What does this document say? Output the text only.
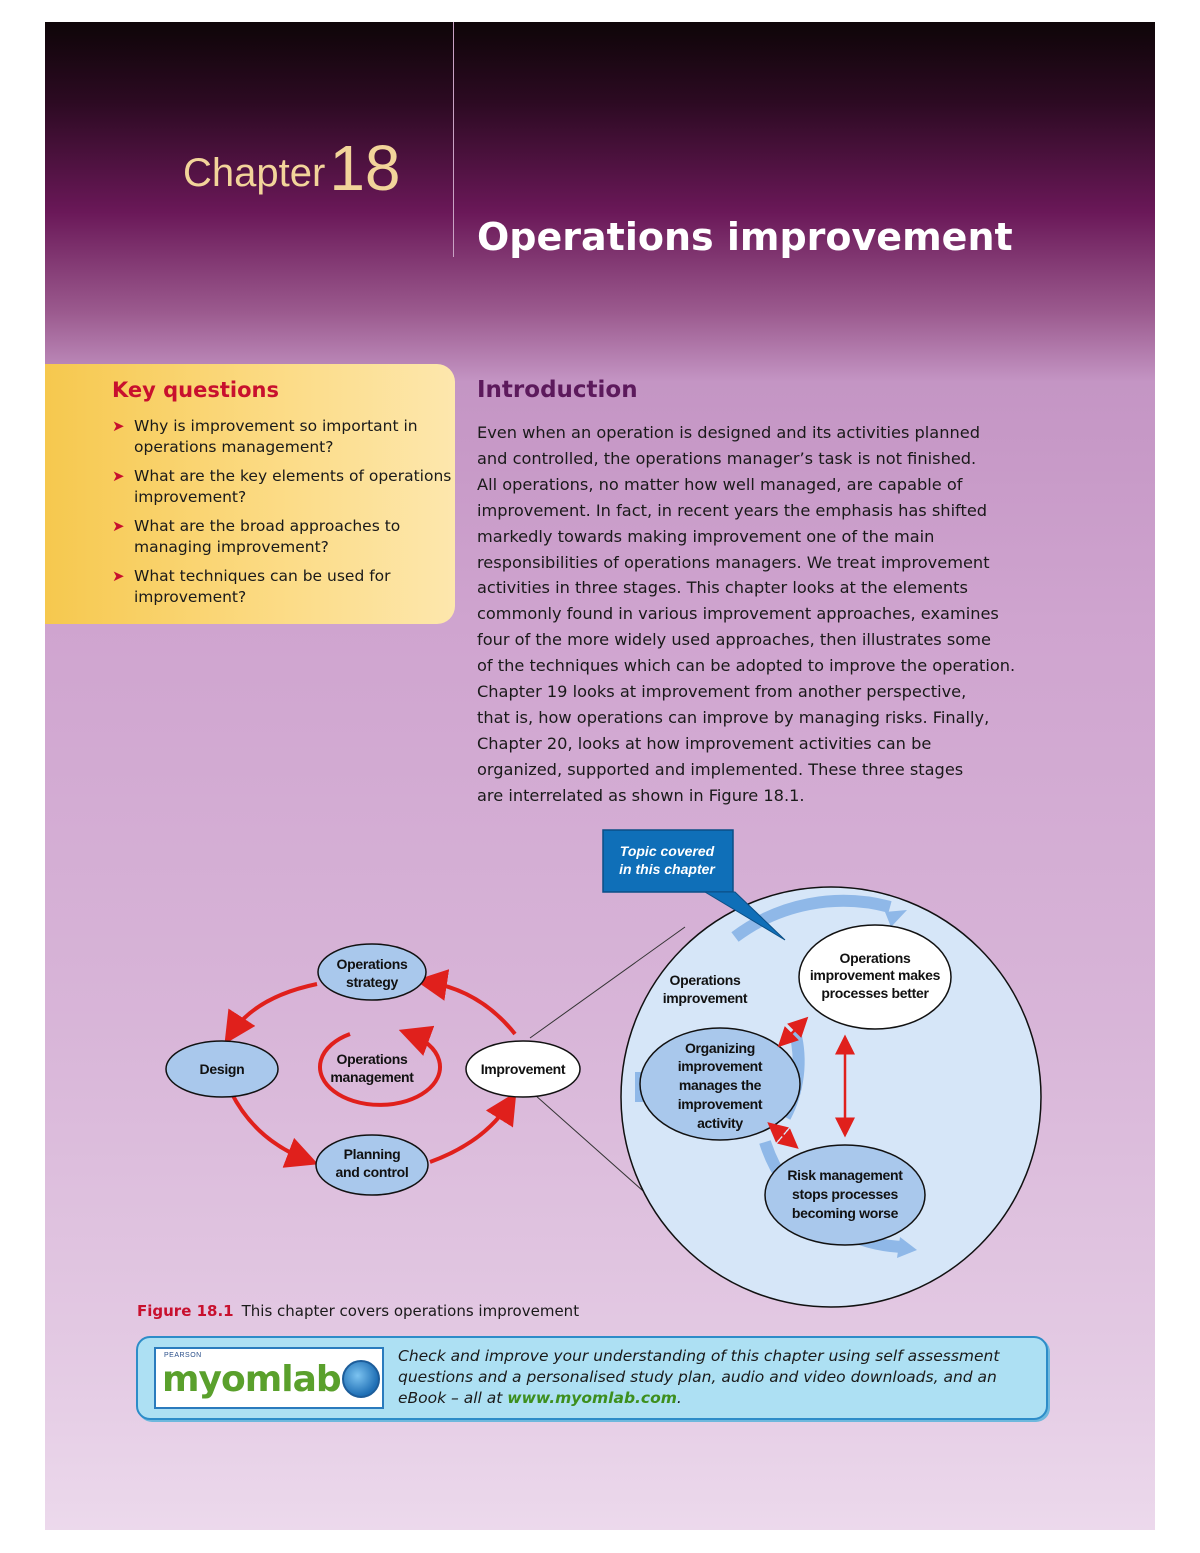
Chapter18
Operations improvement
Key questions
➤ Why is improvement so important in operations management?
➤ What are the key elements of operations improvement?
➤ What are the broad approaches to managing improvement?
➤ What techniques can be used for improvement?
Introduction
Even when an operation is designed and its activities planned
and controlled, the operations manager’s task is not finished.
All operations, no matter how well managed, are capable of
improvement. In fact, in recent years the emphasis has shifted
markedly towards making improvement one of the main
responsibilities of operations managers. We treat improvement
activities in three stages. This chapter looks at the elements
commonly found in various improvement approaches, examines
four of the more widely used approaches, then illustrates some
of the techniques which can be adopted to improve the operation.
Chapter 19 looks at improvement from another perspective,
that is, how operations can improve by managing risks. Finally,
Chapter 20, looks at how improvement activities can be
organized, supported and implemented. These three stages
are interrelated as shown in Figure 18.1.
Topic covered
in this chapter
Operations
improvement
Operations
improvement makes
processes better
Organizing
improvement
manages the
improvement
activity
Risk management
stops processes
becoming worse
Operations
strategy
Design
Operations
management	Improvement
Planning
and control
Figure 18.1 This chapter covers operations improvement
PEARSON
myomlab
Check and improve your understanding of this chapter using self assessment questions and a personalised study plan, audio and video downloads, and an eBook – all at www.myomlab.com.
